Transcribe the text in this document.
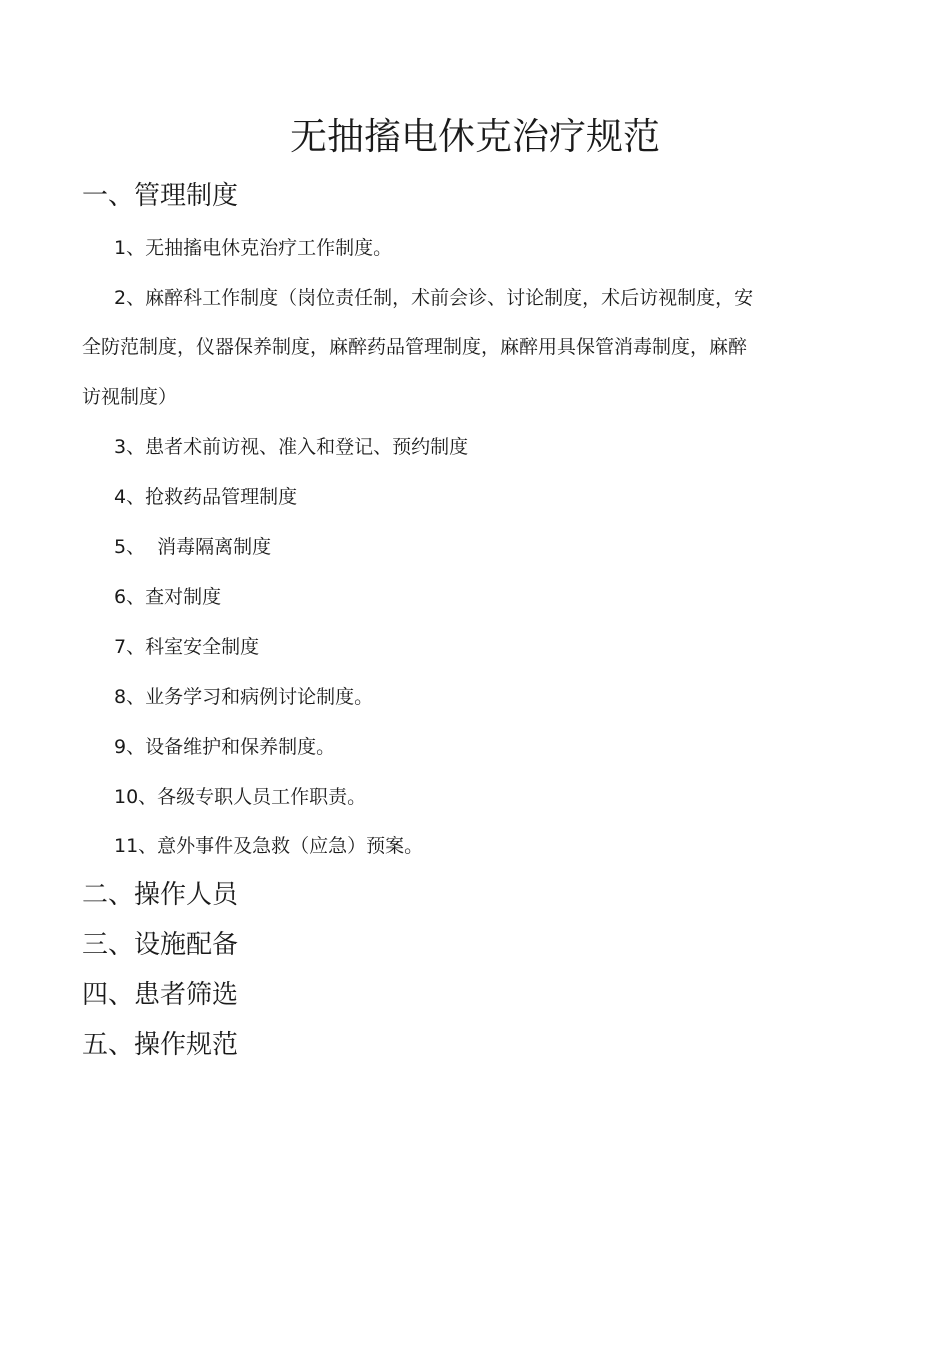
无抽搐电休克治疗规范
一、管理制度

1、无抽搐电休克治疗工作制度。

2、麻醉科工作制度（岗位责任制，术前会诊、讨论制度，术后访视制度，安

全防范制度，仪器保养制度，麻醉药品管理制度，麻醉用具保管消毒制度，麻醉

访视制度）

3、患者术前访视、准入和登记、预约制度

4、抢救药品管理制度

5、  消毒隔离制度

6、查对制度

7、科室安全制度

8、业务学习和病例讨论制度。

9、设备维护和保养制度。

10、各级专职人员工作职责。

11、意外事件及急救（应急）预案。

二、操作人员
三、设施配备
四、患者筛选
五、操作规范
